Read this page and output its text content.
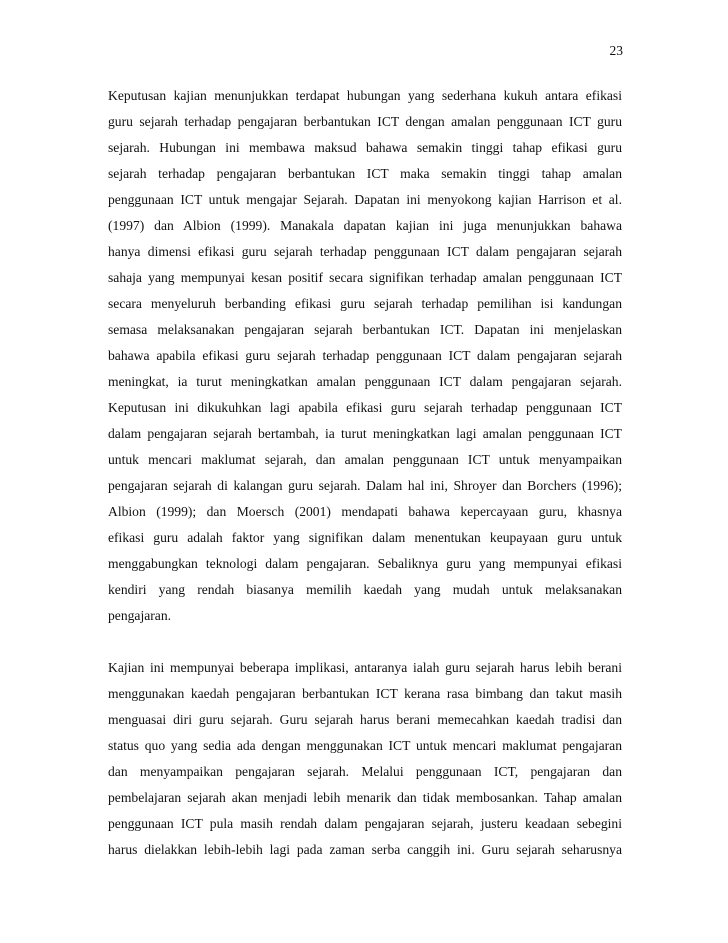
23

Keputusan kajian menunjukkan terdapat hubungan yang sederhana kukuh antara efikasi
guru sejarah terhadap pengajaran berbantukan ICT dengan amalan penggunaan ICT guru
sejarah. Hubungan ini membawa maksud bahawa semakin tinggi tahap efikasi guru
sejarah terhadap pengajaran berbantukan ICT maka semakin tinggi tahap amalan
penggunaan ICT untuk mengajar Sejarah. Dapatan ini menyokong kajian Harrison et al.
(1997) dan Albion (1999). Manakala dapatan kajian ini juga menunjukkan bahawa
hanya dimensi efikasi guru sejarah terhadap penggunaan ICT dalam pengajaran sejarah
sahaja yang mempunyai kesan positif secara signifikan terhadap amalan penggunaan ICT
secara menyeluruh berbanding efikasi guru sejarah terhadap pemilihan isi kandungan
semasa melaksanakan pengajaran sejarah berbantukan ICT. Dapatan ini menjelaskan
bahawa apabila efikasi guru sejarah terhadap penggunaan ICT dalam pengajaran sejarah
meningkat, ia turut meningkatkan amalan penggunaan ICT dalam pengajaran sejarah.
Keputusan ini dikukuhkan lagi apabila efikasi guru sejarah terhadap penggunaan ICT
dalam pengajaran sejarah bertambah, ia turut meningkatkan lagi amalan penggunaan ICT
untuk mencari maklumat sejarah, dan amalan penggunaan ICT untuk menyampaikan
pengajaran sejarah di kalangan guru sejarah. Dalam hal ini, Shroyer dan Borchers (1996);
Albion (1999); dan Moersch (2001) mendapati bahawa kepercayaan guru, khasnya
efikasi guru adalah faktor yang signifikan dalam menentukan keupayaan guru untuk
menggabungkan teknologi dalam pengajaran. Sebaliknya guru yang mempunyai efikasi
kendiri yang rendah biasanya memilih kaedah yang mudah untuk melaksanakan
pengajaran.

Kajian ini mempunyai beberapa implikasi, antaranya ialah guru sejarah harus lebih berani
menggunakan kaedah pengajaran berbantukan ICT kerana rasa bimbang dan takut masih
menguasai diri guru sejarah. Guru sejarah harus berani memecahkan kaedah tradisi dan
status quo yang sedia ada dengan menggunakan ICT untuk mencari maklumat pengajaran
dan menyampaikan pengajaran sejarah. Melalui penggunaan ICT, pengajaran dan
pembelajaran sejarah akan menjadi lebih menarik dan tidak membosankan. Tahap amalan
penggunaan ICT pula masih rendah dalam pengajaran sejarah, justeru keadaan sebegini
harus dielakkan lebih-lebih lagi pada zaman serba canggih ini. Guru sejarah seharusnya
